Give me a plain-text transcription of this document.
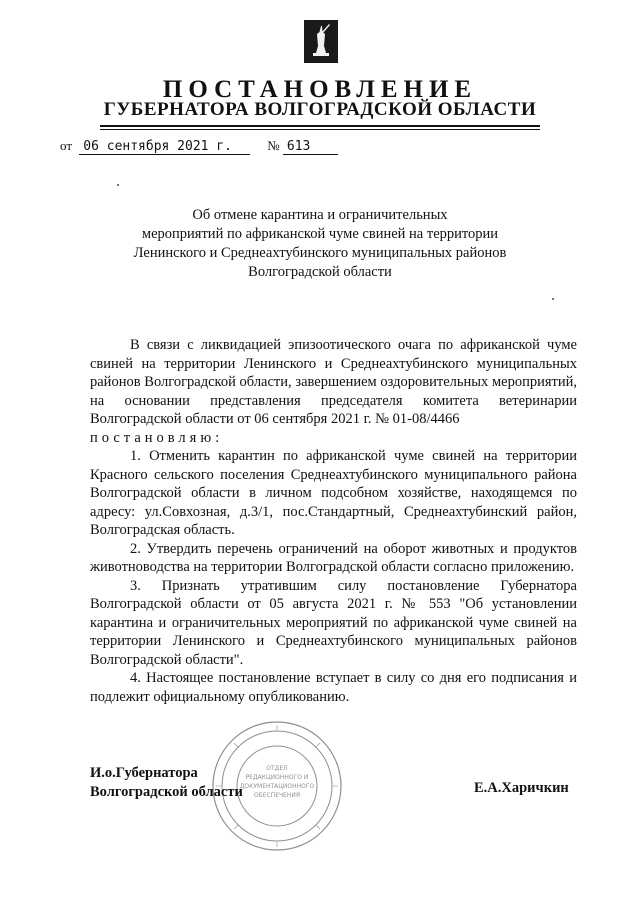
ПОСТАНОВЛЕНИЕ
ГУБЕРНАТОРА ВОЛГОГРАДСКОЙ ОБЛАСТИ
от 06 сентября 2021 г.	№ 613
Об отмене карантина и ограничительных
мероприятий по африканской чуме свиней на территории
Ленинского и Среднеахтубинского муниципальных районов
Волгоградской области

В связи с ликвидацией эпизоотического очага по африканской чуме свиней на территории Ленинского и Среднеахтубинского муниципальных районов Волгоградской области, завершением оздоровительных мероприятий, на основании представления председателя комитета ветеринарии Волгоградской области от 06 сентября 2021 г. № 01-08/4466

постановляю:

1. Отменить карантин по африканской чуме свиней на территории Красного сельского поселения Среднеахтубинского муниципального района Волгоградской области в личном подсобном хозяйстве, находящемся по адресу: ул.Совхозная, д.3/1, пос.Стандартный, Среднеахтубинский район, Волгоградская область.

2. Утвердить перечень ограничений на оборот животных и продуктов животноводства на территории Волгоградской области согласно приложению.

3. Признать утратившим силу постановление Губернатора Волгоградской области от 05 августа 2021 г. № 553 "Об установлении карантина и ограничительных мероприятий по африканской чуме свиней на территории Ленинского и Среднеахтубинского муниципальных районов Волгоградской области".

4. Настоящее постановление вступает в силу со дня его подписания и подлежит официальному опубликованию.

ОТДЕЛ
РЕДАКЦИОННОГО И
ДОКУМЕНТАЦИОННОГО
ОБЕСПЕЧЕНИЯ
И.о.Губернатора
Волгоградской области	Е.А.Харичкин
